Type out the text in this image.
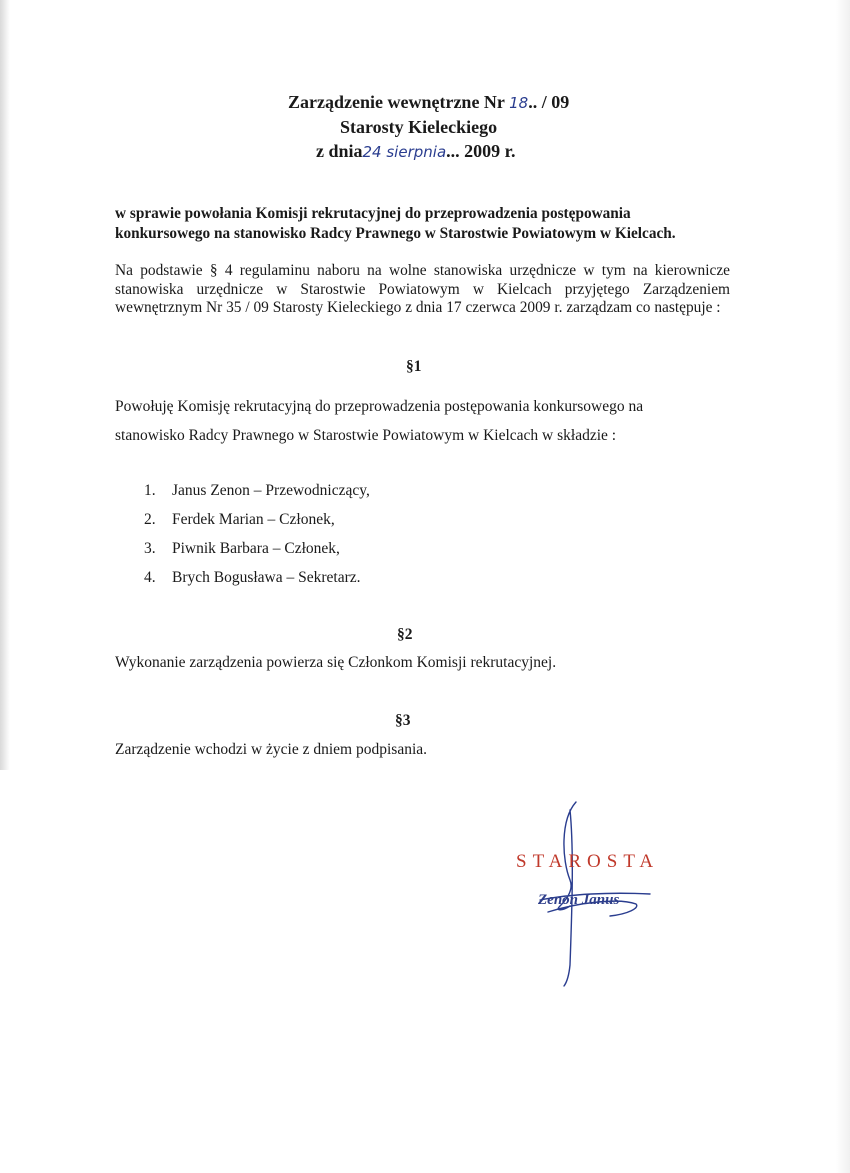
Zarządzenie wewnętrzne Nr 18.. / 09
Starosty Kieleckiego
z dnia24 sierpnia... 2009 r.
w sprawie powołania Komisji rekrutacyjnej do przeprowadzenia postępowania
konkursowego na stanowisko Radcy Prawnego w Starostwie Powiatowym w Kielcach.
Na podstawie § 4 regulaminu naboru na wolne stanowiska urzędnicze w tym na kierownicze stanowiska urzędnicze w Starostwie Powiatowym w Kielcach przyjętego Zarządzeniem wewnętrznym Nr 35 / 09 Starosty Kieleckiego z dnia 17 czerwca 2009 r. zarządzam co następuje :
§1
Powołuję Komisję rekrutacyjną do przeprowadzenia postępowania konkursowego na
stanowisko Radcy Prawnego w Starostwie Powiatowym w Kielcach w składzie :
1. Janus Zenon – Przewodniczący,
2. Ferdek Marian – Członek,
3. Piwnik Barbara – Członek,
4. Brych Bogusława – Sekretarz.
§2
Wykonanie zarządzenia powierza się Członkom Komisji rekrutacyjnej.
§3
Zarządzenie wchodzi w życie z dniem podpisania.
STAROSTA
Zenon Janus
